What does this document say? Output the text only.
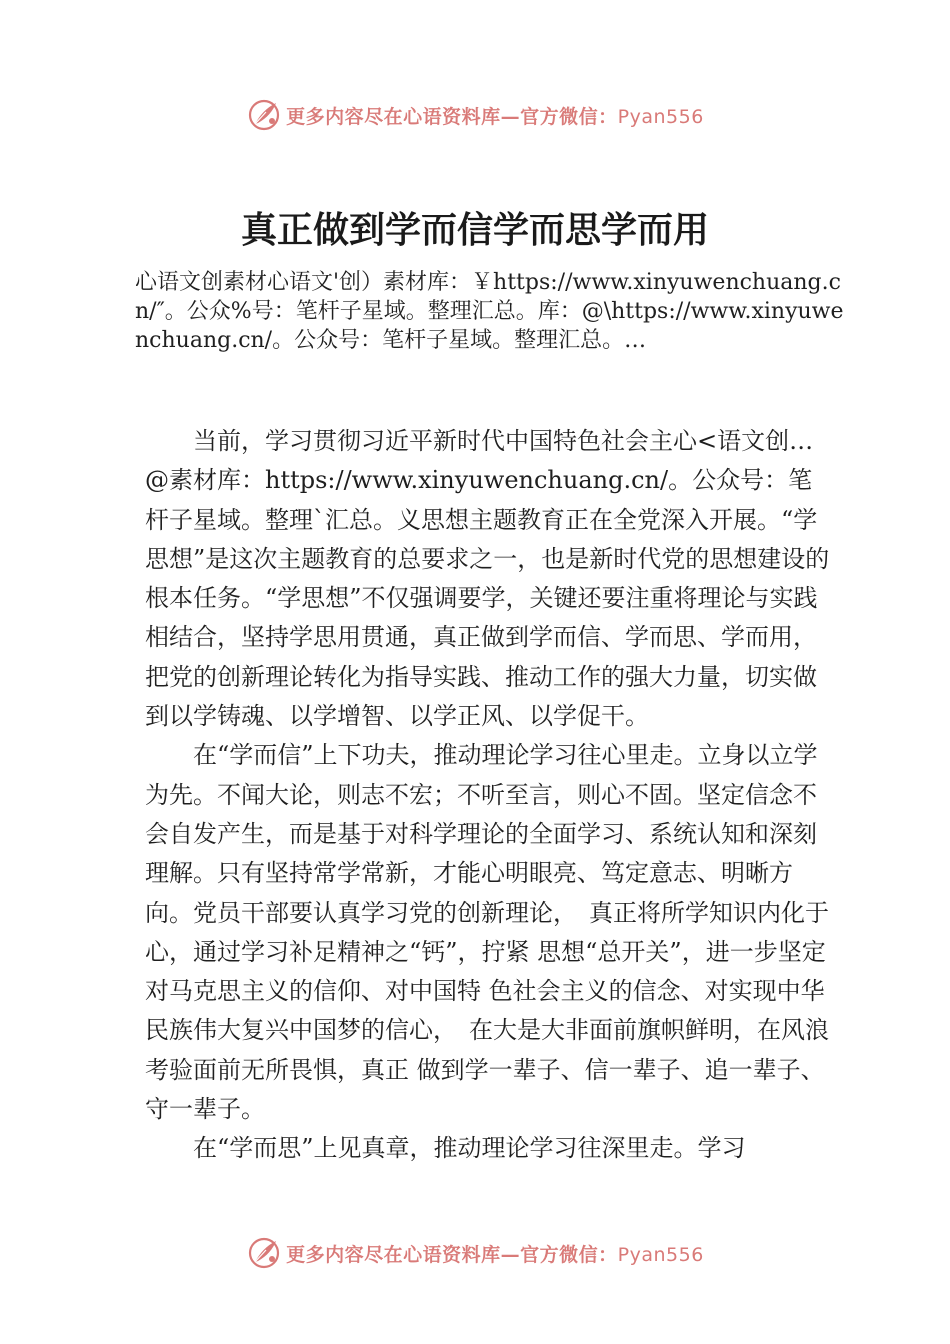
更多内容尽在心语资料库—官方微信：Pyan556
真正做到学而信学而思学而用

心语文创素材心语文'创）素材库：￥https://www.xinyuwenchuang.cn/″。公众%号：笔杆子星域。整理汇总。库：@\https://www.xinyuwenchuang.cn/。公众号：笔杆子星域。整理汇总。…

当前，学习贯彻习近平新时代中国特色社会主心<语文创…@素材库：https://www.xinyuwenchuang.cn/。公众号：笔杆子星域。整理`汇总。义思想主题教育正在全党深入开展。“学思想”是这次主题教育的总要求之一，也是新时代党的思想建设的根本任务。“学思想”不仅强调要学，关键还要注重将理论与实践相结合，坚持学思用贯通，真正做到学而信、学而思、学而用，把党的创新理论转化为指导实践、推动工作的强大力量，切实做到以学铸魂、以学增智、以学正风、以学促干。

在“学而信”上下功夫，推动理论学习往心里走。立身以立学为先。不闻大论，则志不宏；不听至言，则心不固。坚定信念不会自发产生，而是基于对科学理论的全面学习、系统认知和深刻理解。只有坚持常学常新，才能心明眼亮、笃定意志、明晰方向。党员干部要认真学习党的创新理论，　真正将所学知识内化于心，通过学习补足精神之“钙”，拧紧 思想“总开关”，进一步坚定对马克思主义的信仰、对中国特 色社会主义的信念、对实现中华民族伟大复兴中国梦的信心，　在大是大非面前旗帜鲜明，在风浪考验面前无所畏惧，真正 做到学一辈子、信一辈子、追一辈子、守一辈子。

在“学而思”上见真章，推动理论学习往深里走。学习

更多内容尽在心语资料库—官方微信：Pyan556
